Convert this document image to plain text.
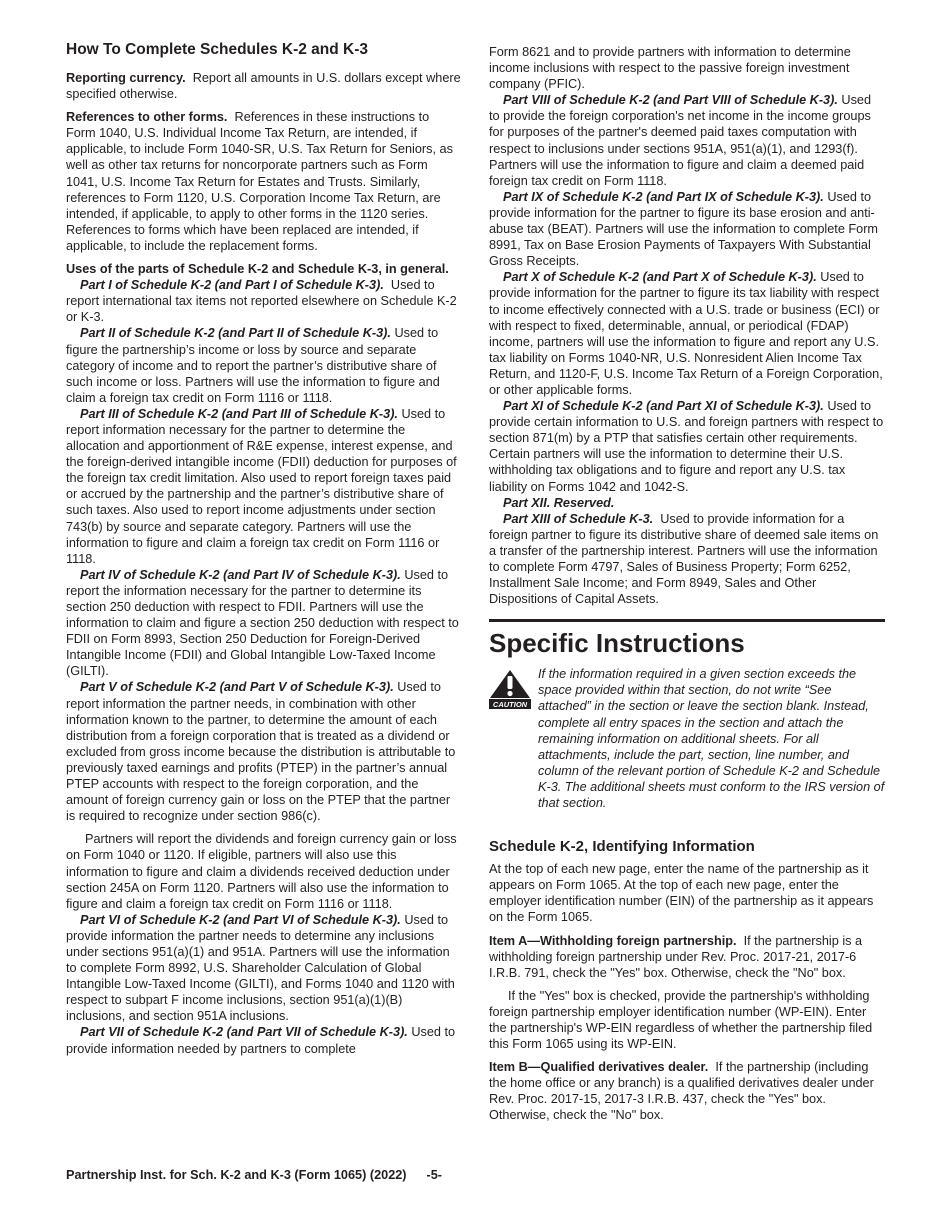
How To Complete Schedules K-2 and K-3

Reporting currency. Report all amounts in U.S. dollars except where specified otherwise.

References to other forms. References in these instructions to Form 1040, U.S. Individual Income Tax Return, are intended, if applicable, to include Form 1040-SR, U.S. Tax Return for Seniors, as well as other tax returns for noncorporate partners such as Form 1041, U.S. Income Tax Return for Estates and Trusts. Similarly, references to Form 1120, U.S. Corporation Income Tax Return, are intended, if applicable, to apply to other forms in the 1120 series. References to forms which have been replaced are intended, if applicable, to include the replacement forms.

Uses of the parts of Schedule K-2 and Schedule K-3, in general.

Part I of Schedule K-2 (and Part I of Schedule K-3). Used to report international tax items not reported elsewhere on Schedule K-2 or K-3.

Part II of Schedule K-2 (and Part II of Schedule K-3). Used to figure the partnership’s income or loss by source and separate category of income and to report the partner’s distributive share of such income or loss. Partners will use the information to figure and claim a foreign tax credit on Form 1116 or 1118.

Part III of Schedule K-2 (and Part III of Schedule K-3). Used to report information necessary for the partner to determine the allocation and apportionment of R&E expense, interest expense, and the foreign-derived intangible income (FDII) deduction for purposes of the foreign tax credit limitation. Also used to report foreign taxes paid or accrued by the partnership and the partner’s distributive share of such taxes. Also used to report income adjustments under section 743(b) by source and separate category. Partners will use the information to figure and claim a foreign tax credit on Form 1116 or 1118.

Part IV of Schedule K-2 (and Part IV of Schedule K-3). Used to report the information necessary for the partner to determine its section 250 deduction with respect to FDII. Partners will use the information to claim and figure a section 250 deduction with respect to FDII on Form 8993, Section 250 Deduction for Foreign-Derived Intangible Income (FDII) and Global Intangible Low-Taxed Income (GILTI).

Part V of Schedule K-2 (and Part V of Schedule K-3). Used to report information the partner needs, in combination with other information known to the partner, to determine the amount of each distribution from a foreign corporation that is treated as a dividend or excluded from gross income because the distribution is attributable to previously taxed earnings and profits (PTEP) in the partner’s annual PTEP accounts with respect to the foreign corporation, and the amount of foreign currency gain or loss on the PTEP that the partner is required to recognize under section 986(c).

Partners will report the dividends and foreign currency gain or loss on Form 1040 or 1120. If eligible, partners will also use this information to figure and claim a dividends received deduction under section 245A on Form 1120. Partners will also use the information to figure and claim a foreign tax credit on Form 1116 or 1118.

Part VI of Schedule K-2 (and Part VI of Schedule K-3). Used to provide information the partner needs to determine any inclusions under sections 951(a)(1) and 951A. Partners will use the information to complete Form 8992, U.S. Shareholder Calculation of Global Intangible Low-Taxed Income (GILTI), and Forms 1040 and 1120 with respect to subpart F income inclusions, section 951(a)(1)(B) inclusions, and section 951A inclusions.

Part VII of Schedule K-2 (and Part VII of Schedule K-3). Used to provide information needed by partners to complete

Form 8621 and to provide partners with information to determine income inclusions with respect to the passive foreign investment company (PFIC).

Part VIII of Schedule K-2 (and Part VIII of Schedule K-3). Used to provide the foreign corporation's net income in the income groups for purposes of the partner's deemed paid taxes computation with respect to inclusions under sections 951A, 951(a)(1), and 1293(f). Partners will use the information to figure and claim a deemed paid foreign tax credit on Form 1118.

Part IX of Schedule K-2 (and Part IX of Schedule K-3). Used to provide information for the partner to figure its base erosion and anti-abuse tax (BEAT). Partners will use the information to complete Form 8991, Tax on Base Erosion Payments of Taxpayers With Substantial Gross Receipts.

Part X of Schedule K-2 (and Part X of Schedule K-3). Used to provide information for the partner to figure its tax liability with respect to income effectively connected with a U.S. trade or business (ECI) or with respect to fixed, determinable, annual, or periodical (FDAP) income, partners will use the information to figure and report any U.S. tax liability on Forms 1040-NR, U.S. Nonresident Alien Income Tax Return, and 1120-F, U.S. Income Tax Return of a Foreign Corporation, or other applicable forms.

Part XI of Schedule K-2 (and Part XI of Schedule K-3). Used to provide certain information to U.S. and foreign partners with respect to section 871(m) by a PTP that satisfies certain other requirements. Certain partners will use the information to determine their U.S. withholding tax obligations and to figure and report any U.S. tax liability on Forms 1042 and 1042-S.

Part XII. Reserved.

Part XIII of Schedule K-3. Used to provide information for a foreign partner to figure its distributive share of deemed sale items on a transfer of the partnership interest. Partners will use the information to complete Form 4797, Sales of Business Property; Form 6252, Installment Sale Income; and Form 8949, Sales and Other Dispositions of Capital Assets.

Specific Instructions

CAUTION

If the information required in a given section exceeds the space provided within that section, do not write “See attached” in the section or leave the section blank. Instead, complete all entry spaces in the section and attach the remaining information on additional sheets. For all attachments, include the part, section, line number, and column of the relevant portion of Schedule K-2 and Schedule K-3. The additional sheets must conform to the IRS version of that section.

Schedule K-2, Identifying Information

At the top of each new page, enter the name of the partnership as it appears on Form 1065. At the top of each new page, enter the employer identification number (EIN) of the partnership as it appears on the Form 1065.

Item A—Withholding foreign partnership. If the partnership is a withholding foreign partnership under Rev. Proc. 2017-21, 2017-6 I.R.B. 791, check the "Yes" box. Otherwise, check the "No" box.

If the "Yes" box is checked, provide the partnership's withholding foreign partnership employer identification number (WP-EIN). Enter the partnership's WP-EIN regardless of whether the partnership filed this Form 1065 using its WP-EIN.

Item B—Qualified derivatives dealer. If the partnership (including the home office or any branch) is a qualified derivatives dealer under Rev. Proc. 2017-15, 2017-3 I.R.B. 437, check the "Yes" box. Otherwise, check the "No" box.

Partnership Inst. for Sch. K-2 and K-3 (Form 1065) (2022) -5-
